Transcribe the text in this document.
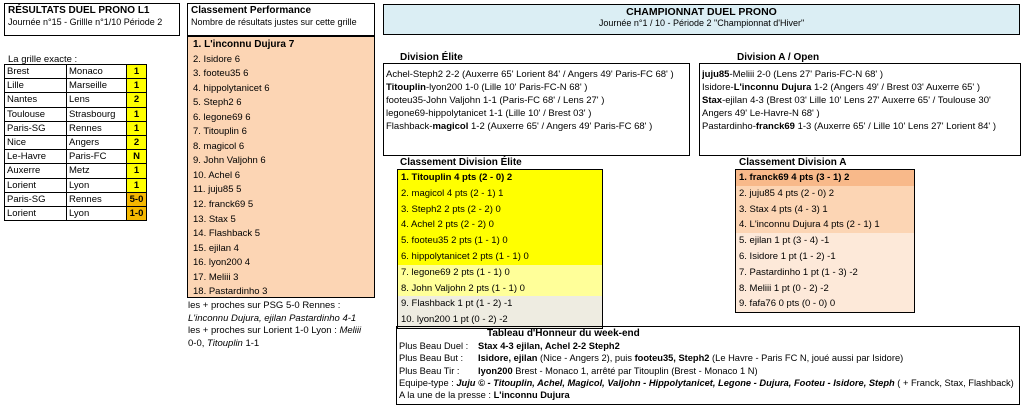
RÉSULTATS DUEL PRONO L1
Journée n°15 - Grillle n°1/10 Période 2
La grille exacte :
Brest	Monaco	1
Lille	Marseille	1
Nantes	Lens	2
Toulouse	Strasbourg	1
Paris-SG	Rennes	1
Nice	Angers	2
Le-Havre	Paris-FC	N
Auxerre	Metz	1
Lorient	Lyon	1
Paris-SG	Rennes	5-0
Lorient	Lyon	1-0
Classement Performance
Nombre de résultats justes sur cette grille
1. L'inconnu Dujura 7
2. Isidore 6
3. footeu35 6
4. hippolytanicet 6
5. Steph2 6
6. legone69 6
7. Titouplin 6
8. magicol 6
9. John Valjohn 6
10. Achel 6
11. juju85 5
12. franck69 5
13. Stax 5
14. Flashback 5
15. ejilan 4
16. lyon200 4
17. Meliii 3
18. Pastardinho 3
les + proches sur PSG 5-0 Rennes :
L'inconnu Dujura, ejilan Pastardinho 4-1
les + proches sur Lorient 1-0 Lyon : Meliii
0-0, Titouplin 1-1
CHAMPIONNAT DUEL PRONO
Journée n°1 / 10 - Période 2 "Championnat d'Hiver"
Division Élite	Division A / Open
Achel-Steph2 2-2 (Auxerre 65' Lorient 84' / Angers 49' Paris-FC 68' )
Titouplin-lyon200 1-0 (Lille 10' Paris-FC-N 68' )
footeu35-John Valjohn 1-1 (Paris-FC 68' / Lens 27' )
legone69-hippolytanicet 1-1 (Lille 10' / Brest 03' )
Flashback-magicol 1-2 (Auxerre 65' / Angers 49' Paris-FC 68' )
juju85-Meliii 2-0 (Lens 27' Paris-FC-N 68' )
Isidore-L'inconnu Dujura 1-2 (Angers 49' / Brest 03' Auxerre 65' )
Stax-ejilan 4-3 (Brest 03' Lille 10' Lens 27' Auxerre 65' / Toulouse 30'
Angers 49' Le-Havre-N 68' )
Pastardinho-franck69 1-3 (Auxerre 65' / Lille 10' Lens 27' Lorient 84' )
Classement Division Élite	Classement Division A
1. Titouplin 4 pts (2 - 0) 2
2. magicol 4 pts (2 - 1) 1
3. Steph2 2 pts (2 - 2) 0
4. Achel 2 pts (2 - 2) 0
5. footeu35 2 pts (1 - 1) 0
6. hippolytanicet 2 pts (1 - 1) 0
7. legone69 2 pts (1 - 1) 0
8. John Valjohn 2 pts (1 - 1) 0
9. Flashback 1 pt (1 - 2) -1
10. lyon200 1 pt (0 - 2) -2
1. franck69 4 pts (3 - 1) 2
2. juju85 4 pts (2 - 0) 2
3. Stax 4 pts (4 - 3) 1
4. L'inconnu Dujura 4 pts (2 - 1) 1
5. ejilan 1 pt (3 - 4) -1
6. Isidore 1 pt (1 - 2) -1
7. Pastardinho 1 pt (1 - 3) -2
8. Meliii 1 pt (0 - 2) -2
9. fafa76 0 pts (0 - 0) 0
Tableau d'Honneur du week-end
Plus Beau Duel : Stax 4-3 ejilan, Achel 2-2 Steph2
Plus Beau But : Isidore, ejilan (Nice - Angers 2), puis footeu35, Steph2 (Le Havre - Paris FC N, joué aussi par Isidore)
Plus Beau Tir : lyon200 Brest - Monaco 1, arrêté par Titouplin (Brest - Monaco 1 N)
Equipe-type : Juju © - Titouplin, Achel, Magicol, Valjohn - Hippolytanicet, Legone - Dujura, Footeu - Isidore, Steph ( + Franck, Stax, Flashback)
A la une de la presse : L'inconnu Dujura
